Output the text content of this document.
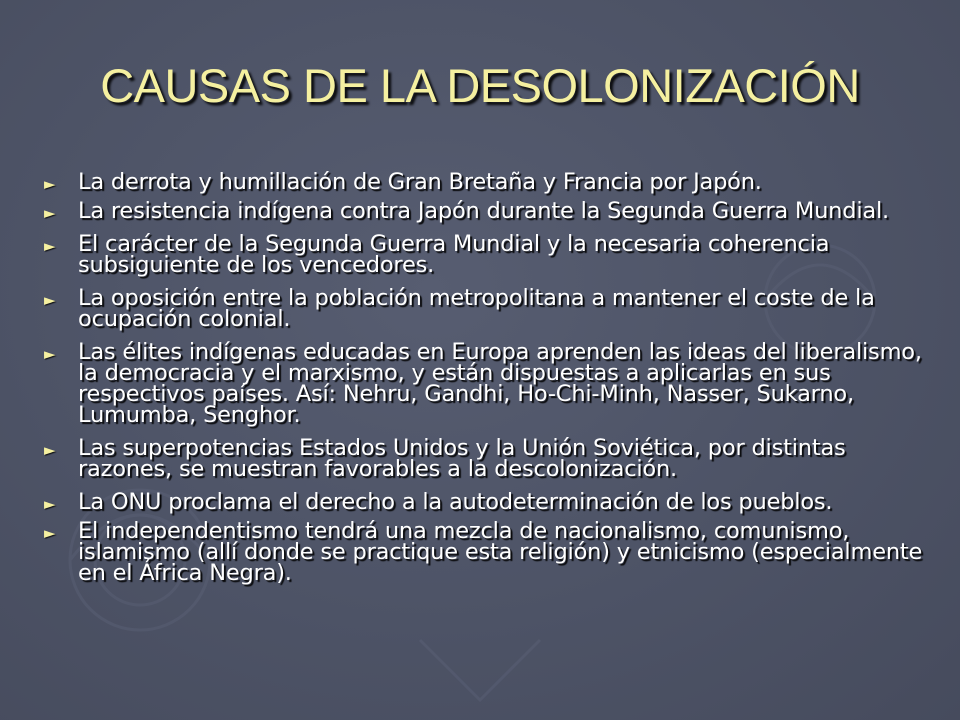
CAUSAS DE LA DESOLONIZACIÓN
► La derrota y humillación de Gran Bretaña y Francia por Japón.
► La resistencia indígena contra Japón durante la Segunda Guerra Mundial.
► El carácter de la Segunda Guerra Mundial y la necesaria coherencia subsiguiente de los vencedores.
► La oposición entre la población metropolitana a mantener el coste de la ocupación colonial.
► Las élites indígenas educadas en Europa aprenden las ideas del liberalismo, la democracia y el marxismo, y están dispuestas a aplicarlas en sus respectivos países. Así: Nehru, Gandhi, Ho-Chi-Minh, Nasser, Sukarno, Lumumba, Senghor.
► Las superpotencias Estados Unidos y la Unión Soviética, por distintas razones, se muestran favorables a la descolonización.
► La ONU proclama el derecho a la autodeterminación de los pueblos.
► El independentismo tendrá una mezcla de nacionalismo, comunismo, islamismo (allí donde se practique esta religión) y etnicismo (especialmente en el África Negra).
